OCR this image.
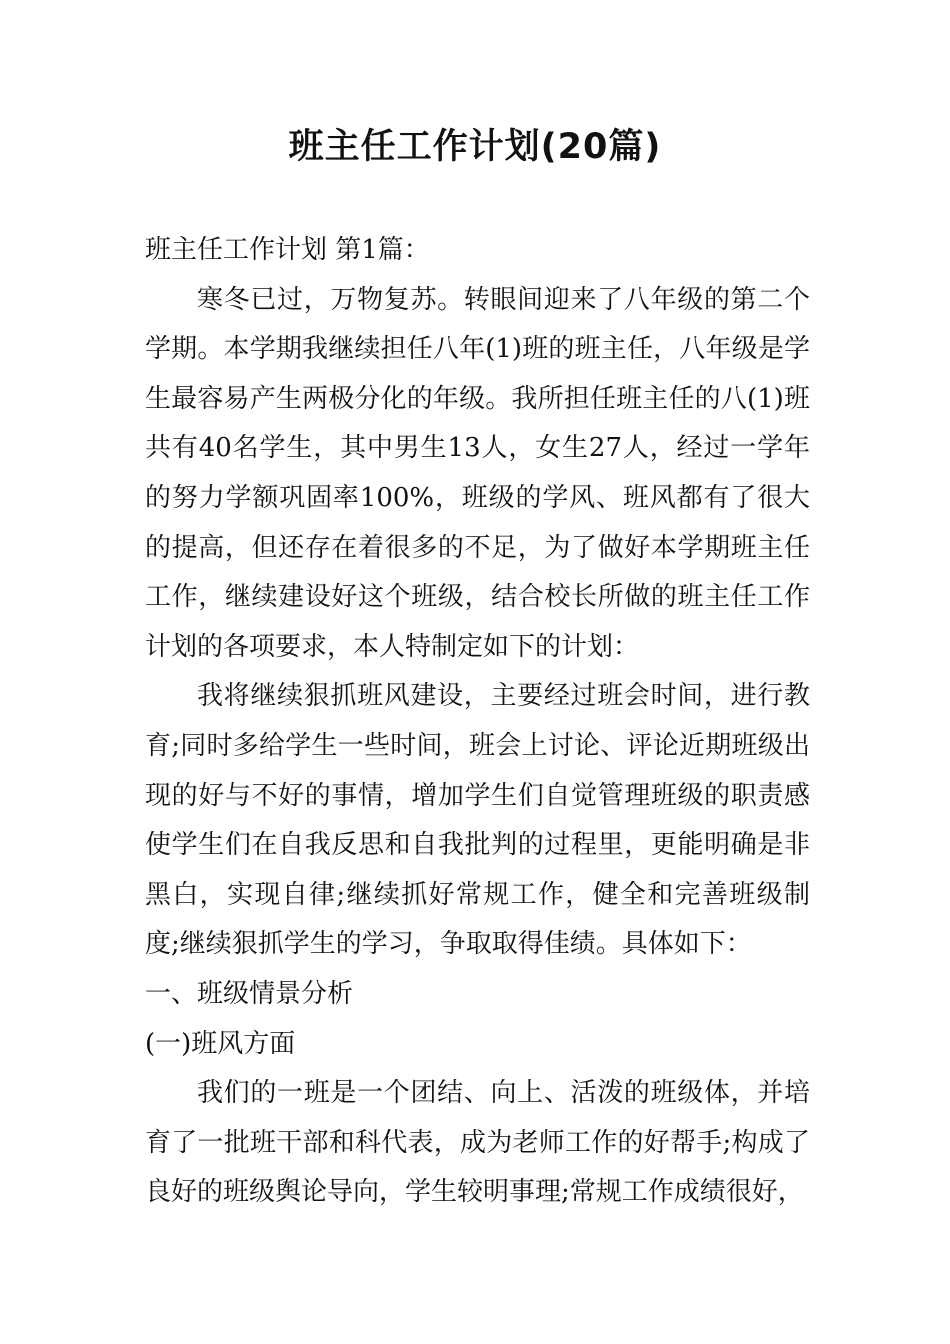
班主任工作计划(20篇)

班主任工作计划 第1篇：

寒冬已过，万物复苏。转眼间迎来了八年级的第二个学期。本学期我继续担任八年(1)班的班主任，八年级是学生最容易产生两极分化的年级。我所担任班主任的八(1)班共有40名学生，其中男生13人，女生27人，经过一学年的努力学额巩固率100%，班级的学风、班风都有了很大的提高，但还存在着很多的不足，为了做好本学期班主任工作，继续建设好这个班级，结合校长所做的班主任工作计划的各项要求，本人特制定如下的计划：

我将继续狠抓班风建设，主要经过班会时间，进行教育;同时多给学生一些时间，班会上讨论、评论近期班级出现的好与不好的事情，增加学生们自觉管理班级的职责感使学生们在自我反思和自我批判的过程里，更能明确是非黑白，实现自律;继续抓好常规工作，健全和完善班级制度;继续狠抓学生的学习，争取取得佳绩。具体如下：

一、班级情景分析

(一)班风方面

我们的一班是一个团结、向上、活泼的班级体，并培育了一批班干部和科代表，成为老师工作的好帮手;构成了良好的班级舆论导向，学生较明事理;常规工作成绩很好，
